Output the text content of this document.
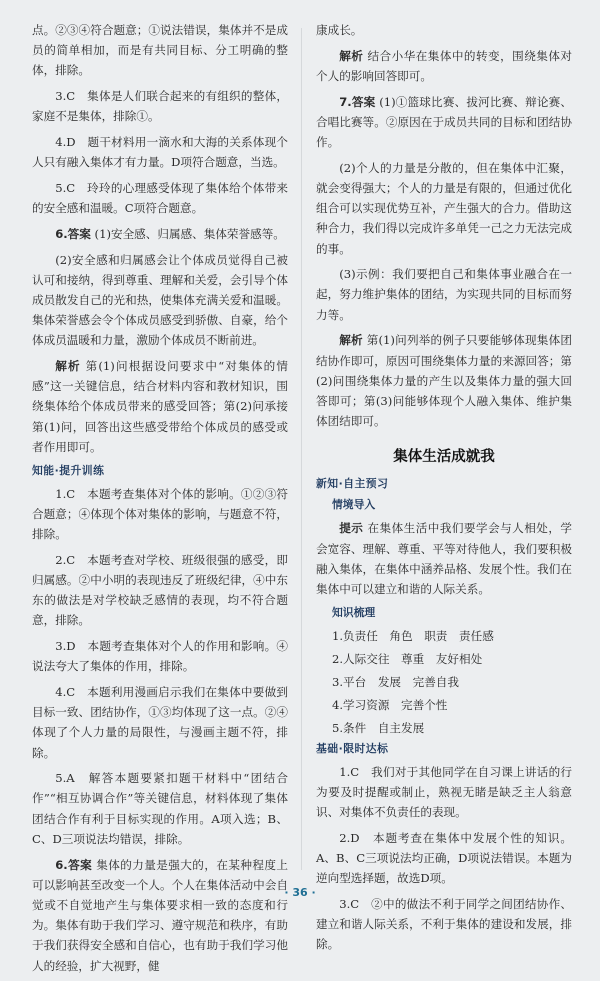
点。②③④符合题意；①说法错误，集体并不是成员的简单相加，而是有共同目标、分工明确的整体，排除。

3.C　集体是人们联合起来的有组织的整体，家庭不是集体，排除①。

4.D　题干材料用一滴水和大海的关系体现个人只有融入集体才有力量。D项符合题意，当选。

5.C　玲玲的心理感受体现了集体给个体带来的安全感和温暖。C项符合题意。

6.答案 (1)安全感、归属感、集体荣誉感等。

(2)安全感和归属感会让个体成员觉得自己被认可和接纳，得到尊重、理解和关爱，会引导个体成员散发自己的光和热，使集体充满关爱和温暖。集体荣誉感会令个体成员感受到骄傲、自豪，给个体成员温暖和力量，激励个体成员不断前进。

解析 第(1)问根据设问要求中“对集体的情感”这一关键信息，结合材料内容和教材知识，围绕集体给个体成员带来的感受回答；第(2)问承接第(1)问，回答出这些感受带给个体成员的感受或者作用即可。

知能·提升训练

1.C　本题考查集体对个体的影响。①②③符合题意；④体现个体对集体的影响，与题意不符，排除。

2.C　本题考查对学校、班级很强的感受，即归属感。②中小明的表现违反了班级纪律，④中东东的做法是对学校缺乏感情的表现，均不符合题意，排除。

3.D　本题考查集体对个人的作用和影响。④说法夸大了集体的作用，排除。

4.C　本题利用漫画启示我们在集体中要做到目标一致、团结协作，①③均体现了这一点。②④体现了个人力量的局限性，与漫画主题不符，排除。

5.A　解答本题要紧扣题干材料中“团结合作”“相互协调合作”等关键信息，材料体现了集体团结合作有利于目标实现的作用。A项入选；B、C、D三项说法均错误，排除。

6.答案 集体的力量是强大的，在某种程度上可以影响甚至改变一个人。个人在集体活动中会自觉或不自觉地产生与集体要求相一致的态度和行为。集体有助于我们学习、遵守规范和秩序，有助于我们获得安全感和自信心，也有助于我们学习他人的经验，扩大视野，健

康成长。

解析 结合小华在集体中的转变，围绕集体对个人的影响回答即可。

7.答案 (1)①篮球比赛、拔河比赛、辩论赛、合唱比赛等。②原因在于成员共同的目标和团结协作。

(2)个人的力量是分散的，但在集体中汇聚，就会变得强大；个人的力量是有限的，但通过优化组合可以实现优势互补，产生强大的合力。借助这种合力，我们得以完成许多单凭一己之力无法完成的事。

(3)示例：我们要把自己和集体事业融合在一起，努力维护集体的团结，为实现共同的目标而努力等。

解析 第(1)问列举的例子只要能够体现集体团结协作即可，原因可围绕集体力量的来源回答；第(2)问围绕集体力量的产生以及集体力量的强大回答即可；第(3)问能够体现个人融入集体、维护集体团结即可。

集体生活成就我
新知·自主预习
情境导入

提示 在集体生活中我们要学会与人相处，学会宽容、理解、尊重、平等对待他人，我们要积极融入集体，在集体中涵养品格、发展个性。我们在集体中可以建立和谐的人际关系。

知识梳理
1.负责任　角色　职责　责任感
2.人际交往　尊重　友好相处
3.平台　发展　完善自我
4.学习资源　完善个性
5.条件　自主发展
基础·限时达标

1.C　我们对于其他同学在自习课上讲话的行为要及时提醒或制止，熟视无睹是缺乏主人翁意识、对集体不负责任的表现。

2.D　本题考查在集体中发展个性的知识。A、B、C三项说法均正确，D项说法错误。本题为逆向型选择题，故选D项。

3.C　②中的做法不利于同学之间团结协作、建立和谐人际关系，不利于集体的建设和发展，排除。

· 36 ·
